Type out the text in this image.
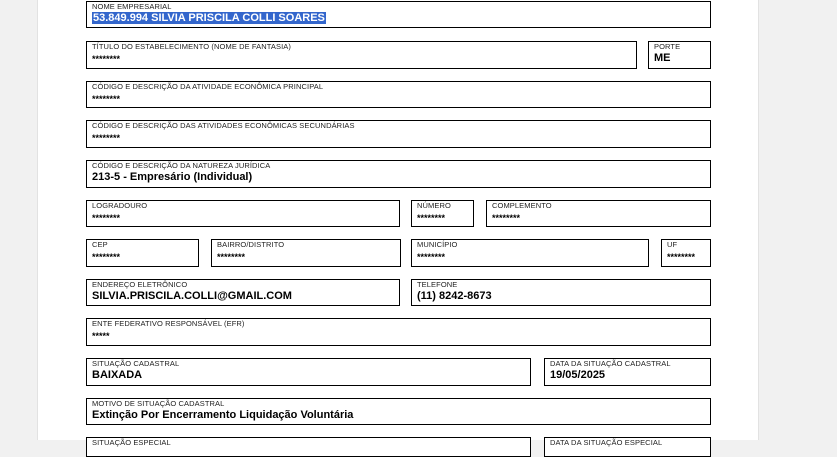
NOME EMPRESARIAL
53.849.994 SILVIA PRISCILA COLLI SOARES
TÍTULO DO ESTABELECIMENTO (NOME DE FANTASIA)
********
PORTE
ME
CÓDIGO E DESCRIÇÃO DA ATIVIDADE ECONÔMICA PRINCIPAL
********
CÓDIGO E DESCRIÇÃO DAS ATIVIDADES ECONÔMICAS SECUNDÁRIAS
********
CÓDIGO E DESCRIÇÃO DA NATUREZA JURÍDICA
213-5 - Empresário (Individual)
LOGRADOURO
********
NÚMERO
********
COMPLEMENTO
********
CEP
********
BAIRRO/DISTRITO
********
MUNICÍPIO
********
UF
********
ENDEREÇO ELETRÔNICO
SILVIA.PRISCILA.COLLI@GMAIL.COM
TELEFONE
(11) 8242-8673
ENTE FEDERATIVO RESPONSÁVEL (EFR)
*****
SITUAÇÃO CADASTRAL
BAIXADA
DATA DA SITUAÇÃO CADASTRAL
19/05/2025
MOTIVO DE SITUAÇÃO CADASTRAL
Extinção Por Encerramento Liquidação Voluntária
SITUAÇÃO ESPECIAL	DATA DA SITUAÇÃO ESPECIAL
